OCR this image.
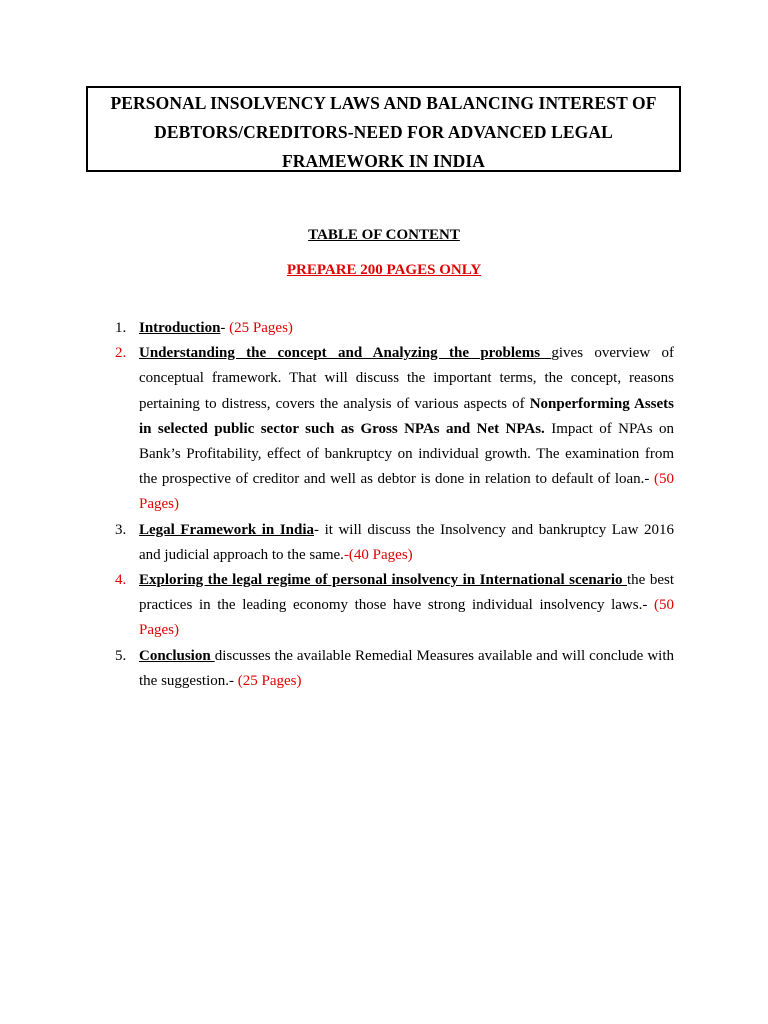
PERSONAL INSOLVENCY LAWS AND BALANCING INTEREST OF
DEBTORS/CREDITORS-NEED FOR ADVANCED LEGAL
FRAMEWORK IN INDIA

TABLE OF CONTENT
PREPARE 200 PAGES ONLY
1. Introduction- (25 Pages)
2. Understanding the concept and Analyzing the problems gives overview of conceptual framework. That will discuss the important terms, the concept, reasons pertaining to distress, covers the analysis of various aspects of Nonperforming Assets in selected public sector such as Gross NPAs and Net NPAs. Impact of NPAs on Bank’s Profitability, effect of bankruptcy on individual growth. The examination from the prospective of creditor and well as debtor is done in relation to default of loan.- (50 Pages)
3. Legal Framework in India- it will discuss the Insolvency and bankruptcy Law 2016 and judicial approach to the same.-(40 Pages)
4. Exploring the legal regime of personal insolvency in International scenario the best practices in the leading economy those have strong individual insolvency laws.- (50 Pages)
5. Conclusion discusses the available Remedial Measures available and will conclude with the suggestion.- (25 Pages)
